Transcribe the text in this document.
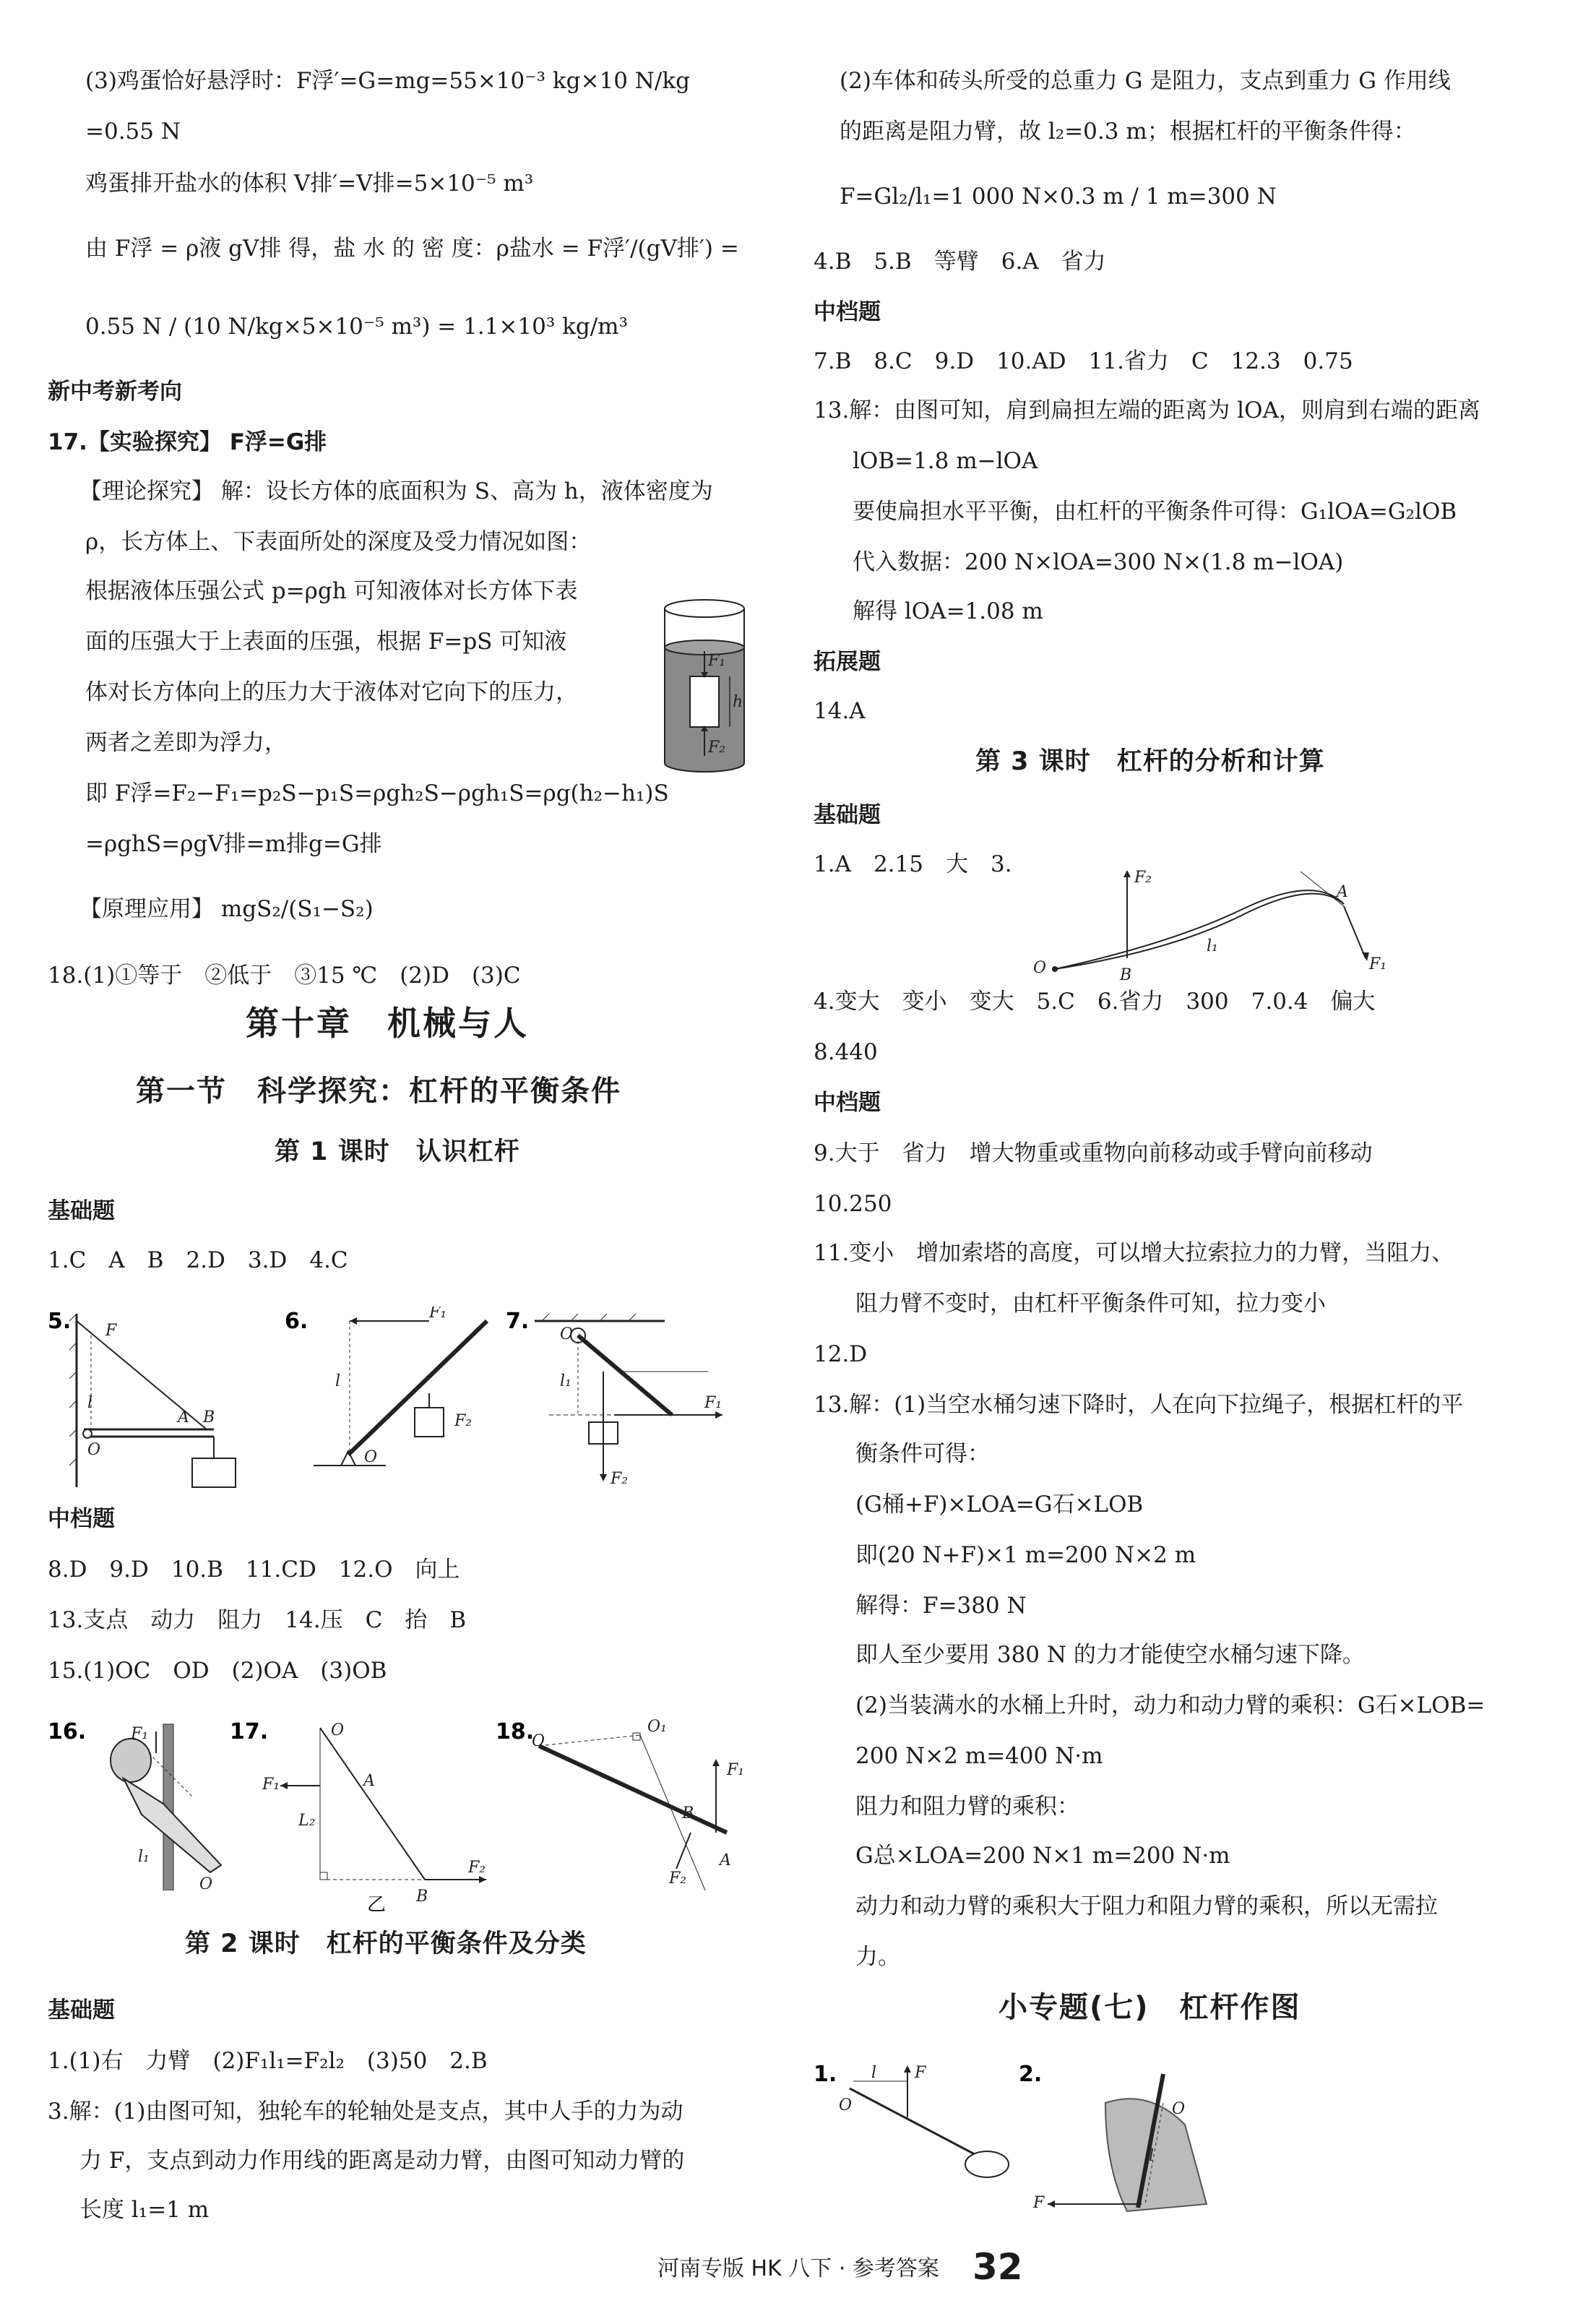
(3)鸡蛋恰好悬浮时：F浮′=G=mg=55×10⁻³ kg×10 N/kg
=0.55 N
鸡蛋排开盐水的体积 V排′=V排=5×10⁻⁵ m³
由 F浮 = ρ液 gV排 得，盐 水 的 密 度：ρ盐水 = F浮′/(gV排′) =
0.55 N / (10 N/kg×5×10⁻⁵ m³) = 1.1×10³ kg/m³
新中考新考向
17.【实验探究】 F浮=G排
【理论探究】 解：设长方体的底面积为 S、高为 h，液体密度为
ρ，长方体上、下表面所处的深度及受力情况如图：
根据液体压强公式 p=ρgh 可知液体对长方体下表
面的压强大于上表面的压强，根据 F=pS 可知液
体对长方体向上的压力大于液体对它向下的压力，
两者之差即为浮力，
即 F浮=F₂−F₁=p₂S−p₁S=ρgh₂S−ρgh₁S=ρg(h₂−h₁)S
=ρghS=ρgV排=m排g=G排
【原理应用】 mgS₂/(S₁−S₂)
18.(1)①等于　②低于　③15 ℃　(2)D　(3)C
基础题
1.C　A　B　2.D　3.D　4.C
中档题
8.D　9.D　10.B　11.CD　12.O　向上
13.支点　动力　阻力　14.压　C　抬　B
15.(1)OC　OD　(2)OA　(3)OB
基础题
1.(1)右　力臂　(2)F₁l₁=F₂l₂　(3)50　2.B
3.解：(1)由图可知，独轮车的轮轴处是支点，其中人手的力为动
力 F，支点到动力作用线的距离是动力臂，由图可知动力臂的
长度 l₁=1 m
第十章　机械与人
第一节　科学探究：杠杆的平衡条件
第 1 课时　认识杠杆
第 2 课时　杠杆的平衡条件及分类
(2)车体和砖头所受的总重力 G 是阻力，支点到重力 G 作用线
的距离是阻力臂，故 l₂=0.3 m；根据杠杆的平衡条件得：
F=Gl₂/l₁=1 000 N×0.3 m / 1 m=300 N
4.B　5.B　等臂　6.A　省力
中档题
7.B　8.C　9.D　10.AD　11.省力　C　12.3　0.75
13.解：由图可知，肩到扁担左端的距离为 lOA，则肩到右端的距离
lOB=1.8 m−lOA
要使扁担水平平衡，由杠杆的平衡条件可得：G₁lOA=G₂lOB
代入数据：200 N×lOA=300 N×(1.8 m−lOA)
解得 lOA=1.08 m
拓展题
14.A
基础题
1.A　2.15　大　3.
4.变大　变小　变大　5.C　6.省力　300　7.0.4　偏大
8.440
中档题
9.大于　省力　增大物重或重物向前移动或手臂向前移动
10.250
11.变小　增加索塔的高度，可以增大拉索拉力的力臂，当阻力、
阻力臂不变时，由杠杆平衡条件可知，拉力变小
12.D
13.解：(1)当空水桶匀速下降时，人在向下拉绳子，根据杠杆的平
衡条件可得：
(G桶+F)×LOA=G石×LOB
即(20 N+F)×1 m=200 N×2 m
解得：F=380 N
即人至少要用 380 N 的力才能使空水桶匀速下降。
(2)当装满水的水桶上升时，动力和动力臂的乘积：G石×LOB=
200 N×2 m=400 N·m
阻力和阻力臂的乘积：
G总×LOA=200 N×1 m=200 N·m
动力和动力臂的乘积大于阻力和阻力臂的乘积，所以无需拉
力。
第 3 课时　杠杆的分析和计算
小专题(七)　杠杆作图
F₁
F₂
h
5. F
l
A B
O
6.	F₁
l
F₂
O
7.
F₁
l₁
O
F₂
16.	F₁
l₁
O
17.
F₁
O
A
L₂
B
F₂
乙
18.
O
O₁
F₁
B
A
F₂
F₂
A
F₁
O	B
l₁
1.	F
l
O
2.
O
F
l
河南专版 HK 八下 · 参考答案 32
